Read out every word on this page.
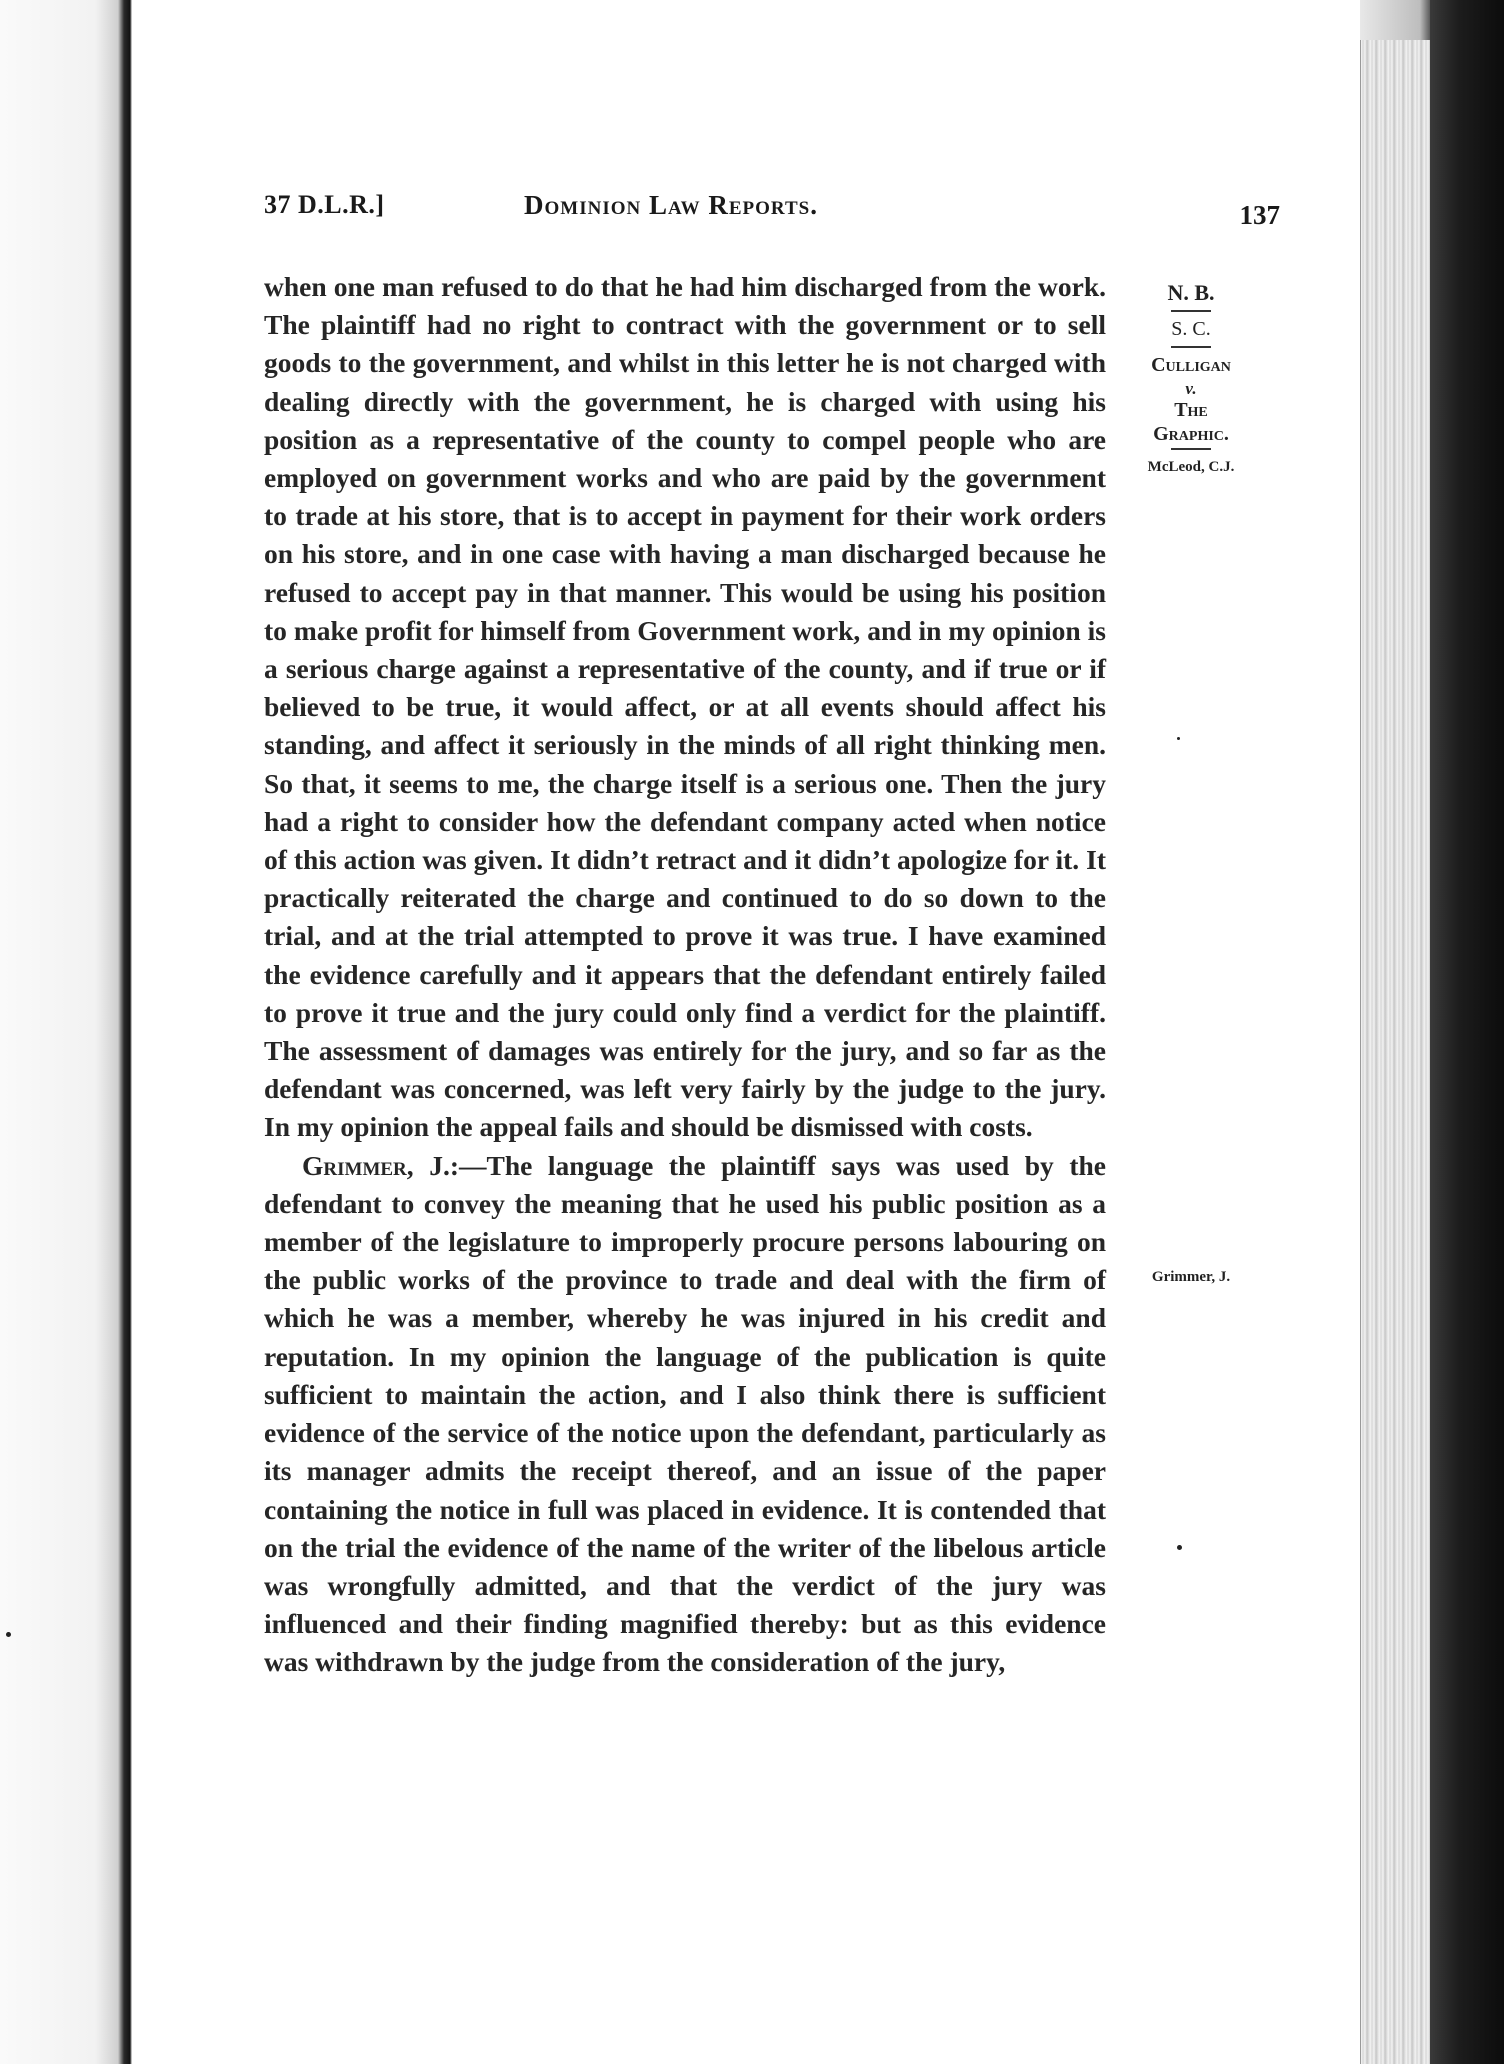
37 D.L.R.]	Dominion Law Reports.	137
N. B.
S. C.
Culligan
v.
The
Graphic.
McLeod, C.J.
Grimmer, J.

when one man refused to do that he had him discharged from the work. The plaintiff had no right to contract with the government or to sell goods to the government, and whilst in this letter he is not charged with dealing directly with the government, he is charged with using his position as a representative of the county to compel people who are employed on government works and who are paid by the government to trade at his store, that is to accept in payment for their work orders on his store, and in one case with having a man discharged because he refused to accept pay in that manner. This would be using his position to make profit for himself from Government work, and in my opinion is a serious charge against a representative of the county, and if true or if believed to be true, it would affect, or at all events should affect his standing, and affect it seriously in the minds of all right thinking men. So that, it seems to me, the charge itself is a serious one. Then the jury had a right to consider how the defendant company acted when notice of this action was given. It didn’t retract and it didn’t apologize for it. It practically reiterated the charge and continued to do so down to the trial, and at the trial attempted to prove it was true. I have examined the evidence carefully and it appears that the defendant entirely failed to prove it true and the jury could only find a verdict for the plaintiff. The assessment of damages was entirely for the jury, and so far as the defendant was concerned, was left very fairly by the judge to the jury. In my opinion the appeal fails and should be dismissed with costs.

Grimmer, J.:—The language the plaintiff says was used by the defendant to convey the meaning that he used his public position as a member of the legislature to improperly procure persons labouring on the public works of the province to trade and deal with the firm of which he was a member, whereby he was injured in his credit and reputation. In my opinion the language of the publication is quite sufficient to maintain the action, and I also think there is sufficient evidence of the service of the notice upon the defendant, particularly as its manager admits the receipt thereof, and an issue of the paper containing the notice in full was placed in evidence. It is contended that on the trial the evidence of the name of the writer of the libelous article was wrongfully admitted, and that the verdict of the jury was influenced and their finding magnified thereby: but as this evidence was withdrawn by the judge from the consideration of the jury,
